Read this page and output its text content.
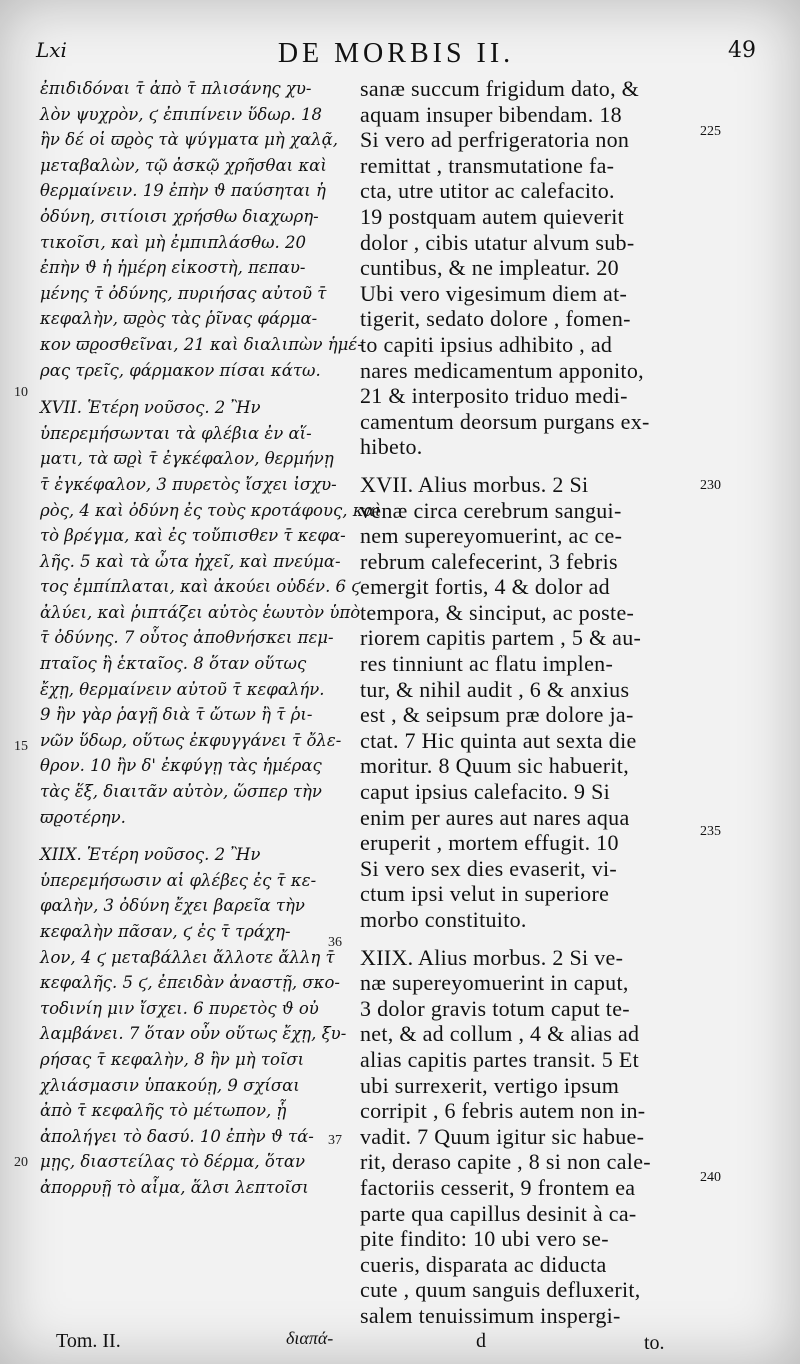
Lxi	DE MORBIS II.	49
ἐπιδιδόναι τ̄ ἀπὸ τ̄ πλισάνης χυ-
λὸν ψυχρὸν, ϛ ἐπιπίνειν ὕδωρ. 18
ἢν δέ οἱ ϖϱὸς τὰ ψύγματα μὴ χαλᾷ,
μεταβαλὼν, τῷ ἀσκῷ χρῆσθαι καὶ
θερμαίνειν. 19 ἐπὴν ϑ παύσηται ἡ
ὀδύνη, σιτίοισι χρήσθω διαχωρη-
τικοῖσι, καὶ μὴ ἐμπιπλάσθω. 20
ἐπὴν ϑ ἡ ἡμέρη εἰκοστὴ, πεπαυ-
μένης τ̄ ὀδύνης, πυριήσας αὐτοῦ τ̄
κεφαλὴν, ϖϱὸς τὰς ῥῖνας φάρμα-
κον ϖϱοσθεῖναι, 21 καὶ διαλιπὼν ἡμέ-
ρας τρεῖς, φάρμακον πίσαι κάτω.
XVII. Ἑτέρη νοῦσος. 2 Ἢν
ὑπερεμήσωνται τὰ φλέβια ἐν αἵ-
ματι, τὰ ϖϱὶ τ̄ ἐγκέφαλον, θερμήνῃ
τ̄ ἐγκέφαλον, 3 πυρετὸς ἴσχει ἰσχυ-
ρὸς, 4 καὶ ὀδύνη ἐς τοὺς κροτάφους, καὶ
τὸ βρέγμα, καὶ ἐς τοὔπισθεν τ̄ κεφα-
λῆς. 5 καὶ τὰ ὦτα ἠχεῖ, καὶ πνεύμα-
τος ἐμπίπλαται, καὶ ἀκούει οὐδέν. 6 ϛ
ἀλύει, καὶ ῥιπτάζει αὐτὸς ἑωυτὸν ὑπὸ
τ̄ ὀδύνης. 7 οὗτος ἀποθνήσκει πεμ-
πταῖος ἢ ἑκταῖος. 8 ὅταν οὕτως
ἔχῃ, θερμαίνειν αὐτοῦ τ̄ κεφαλήν.
9 ἢν γὰρ ῥαγῇ διὰ τ̄ ὤτων ἢ τ̄ ῥι-
νῶν ὕδωρ, οὕτως ἐκφυγγάνει τ̄ ὄλε-
θρον. 10 ἢν δ' ἐκφύγῃ τὰς ἡμέρας
τὰς ἕξ, διαιτᾶν αὐτὸν, ὥσπερ τὴν
ϖϱοτέρην.
XIIX. Ἑτέρη νοῦσος. 2 Ἢν
ὑπερεμήσωσιν αἱ φλέβες ἐς τ̄ κε-
φαλὴν, 3 ὀδύνη ἔχει βαρεῖα τὴν
κεφαλὴν πᾶσαν, ϛ ἐς τ̄ τράχη-
λον, 4 ϛ μεταβάλλει ἄλλοτε ἄλλη τ̄
κεφαλῆς. 5 ϛ, ἐπειδὰν ἀναστῇ, σκο-
τοδινίη μιν ἴσχει. 6 πυρετὸς ϑ οὐ
λαμβάνει. 7 ὅταν οὖν οὕτως ἔχῃ, ξυ-
ρήσας τ̄ κεφαλὴν, 8 ἢν μὴ τοῖσι
χλιάσμασιν ὑπακούῃ, 9 σχίσαι
ἀπὸ τ̄ κεφαλῆς τὸ μέτωπον, ᾗ
ἀπολήγει τὸ δασύ. 10 ἐπὴν ϑ τά-
μῃς, διαστείλας τὸ δέρμα, ὅταν
ἀπορρυῇ τὸ αἷμα, ἅλσι λεπτοῖσι
sanæ succum frigidum dato, &
aquam insuper bibendam. 18
Si vero ad perfrigeratoria non
remittat , transmutatione fa-
cta, utre utitor ac calefacito.
19 postquam autem quieverit
dolor , cibis utatur alvum sub-
cuntibus, & ne impleatur. 20
Ubi vero vigesimum diem at-
tigerit, sedato dolore , fomen-
to capiti ipsius adhibito , ad
nares medicamentum apponito,
21 & interposito triduo medi-
camentum deorsum purgans ex-
hibeto.
XVII. Alius morbus. 2 Si
venæ circa cerebrum sangui-
nem supereyomuerint, ac ce-
rebrum calefecerint, 3 febris
emergit fortis, 4 & dolor ad
tempora, & sinciput, ac poste-
riorem capitis partem , 5 & au-
res tinniunt ac flatu implen-
tur, & nihil audit , 6 & anxius
est , & seipsum præ dolore ja-
ctat. 7 Hic quinta aut sexta die
moritur. 8 Quum sic habuerit,
caput ipsius calefacito. 9 Si
enim per aures aut nares aqua
eruperit , mortem effugit. 10
Si vero sex dies evaserit, vi-
ctum ipsi velut in superiore
morbo constituito.
XIIX. Alius morbus. 2 Si ve-
næ supereyomuerint in caput,
3 dolor gravis totum caput te-
net, & ad collum , 4 & alias ad
alias capitis partes transit. 5 Et
ubi surrexerit, vertigo ipsum
corripit , 6 febris autem non in-
vadit. 7 Quum igitur sic habue-
rit, deraso capite , 8 si non cale-
factoriis cesserit, 9 frontem ea
parte qua capillus desinit à ca-
pite findito: 10 ubi vero se-
cueris, disparata ac diducta
cute , quum sanguis defluxerit,
salem tenuissimum inspergi-
10
15
36
20
37
225
230
235
240
Tom. II.	διαπά-	d	to.
